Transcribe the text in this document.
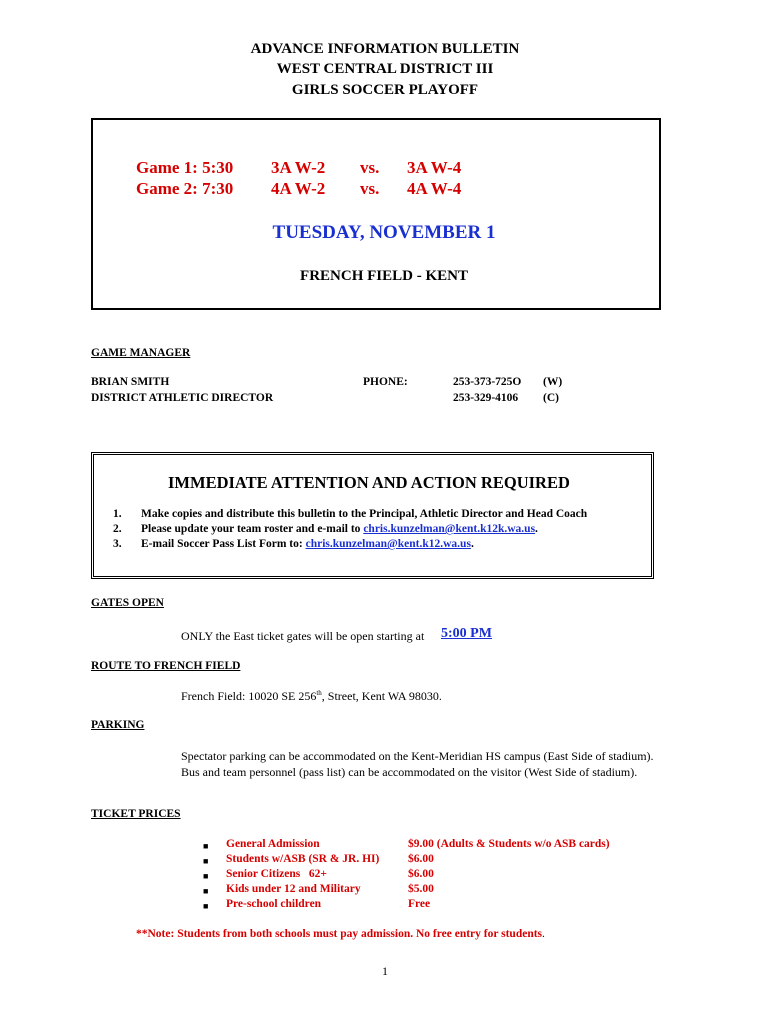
ADVANCE INFORMATION BULLETIN
WEST CENTRAL DISTRICT III
GIRLS SOCCER PLAYOFF
Game 1: 5:30 3A W-2 vs. 3A W-4
Game 2: 7:30 4A W-2 vs. 4A W-4
TUESDAY, NOVEMBER 1
FRENCH FIELD - KENT
GAME MANAGER
BRIAN SMITH
DISTRICT ATHLETIC DIRECTOR
PHONE:	253-373-725O (W)
253-329-4106 (C)
IMMEDIATE ATTENTION AND ACTION REQUIRED
1. Make copies and distribute this bulletin to the Principal, Athletic Director and Head Coach
2. Please update your team roster and e-mail to chris.kunzelman@kent.k12k.wa.us.
3. E-mail Soccer Pass List Form to: chris.kunzelman@kent.k12.wa.us.
GATES OPEN
ONLY the East ticket gates will be open starting at 5:00 PM
ROUTE TO FRENCH FIELD
French Field: 10020 SE 256th, Street, Kent WA 98030.
PARKING
Spectator parking can be accommodated on the Kent-Meridian HS campus (East Side of stadium).
Bus and team personnel (pass list) can be accommodated on the visitor (West Side of stadium).
TICKET PRICES
■ General Admission	$9.00 (Adults & Students w/o ASB cards)
■ Students w/ASB (SR & JR. HI) $6.00
■ Senior Citizens   62+	$6.00
■ Kids under 12 and Military	$5.00
■ Pre-school children	Free
**Note: Students from both schools must pay admission. No free entry for students.
1
